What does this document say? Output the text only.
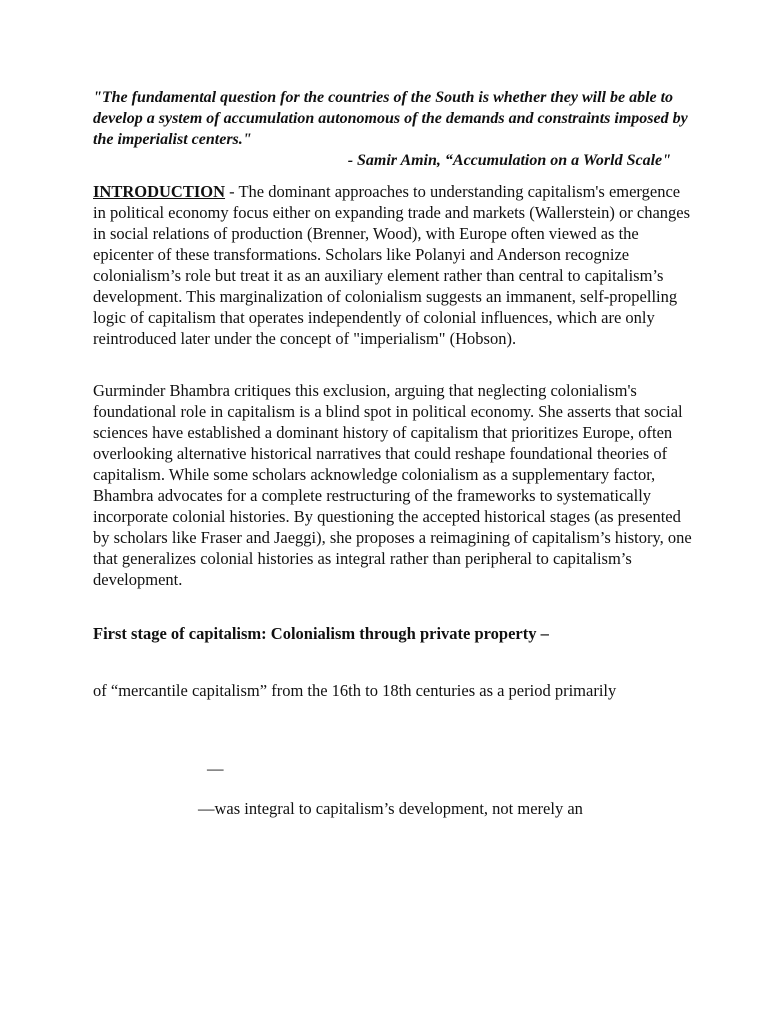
"The fundamental question for the countries of the South is whether they will be able to develop a system of accumulation autonomous of the demands and constraints imposed by the imperialist centers."

- Samir Amin, “Accumulation on a World Scale"

INTRODUCTION - The dominant approaches to understanding capitalism's emergence in political economy focus either on expanding trade and markets (Wallerstein) or changes in social relations of production (Brenner, Wood), with Europe often viewed as the epicenter of these transformations. Scholars like Polanyi and Anderson recognize colonialism’s role but treat it as an auxiliary element rather than central to capitalism’s development. This marginalization of colonialism suggests an immanent, self-propelling logic of capitalism that operates independently of colonial influences, which are only reintroduced later under the concept of "imperialism" (Hobson).

Gurminder Bhambra critiques this exclusion, arguing that neglecting colonialism's foundational role in capitalism is a blind spot in political economy. She asserts that social sciences have established a dominant history of capitalism that prioritizes Europe, often overlooking alternative historical narratives that could reshape foundational theories of capitalism. While some scholars acknowledge colonialism as a supplementary factor, Bhambra advocates for a complete restructuring of the frameworks to systematically incorporate colonial histories. By questioning the accepted historical stages (as presented by scholars like Fraser and Jaeggi), she proposes a reimagining of capitalism’s history, one that generalizes colonial histories as integral rather than peripheral to capitalism’s development.

First stage of capitalism: Colonialism through private property –

of “mercantile capitalism” from the 16th to 18th centuries as a period primarily

—

—was integral to capitalism’s development, not merely an
